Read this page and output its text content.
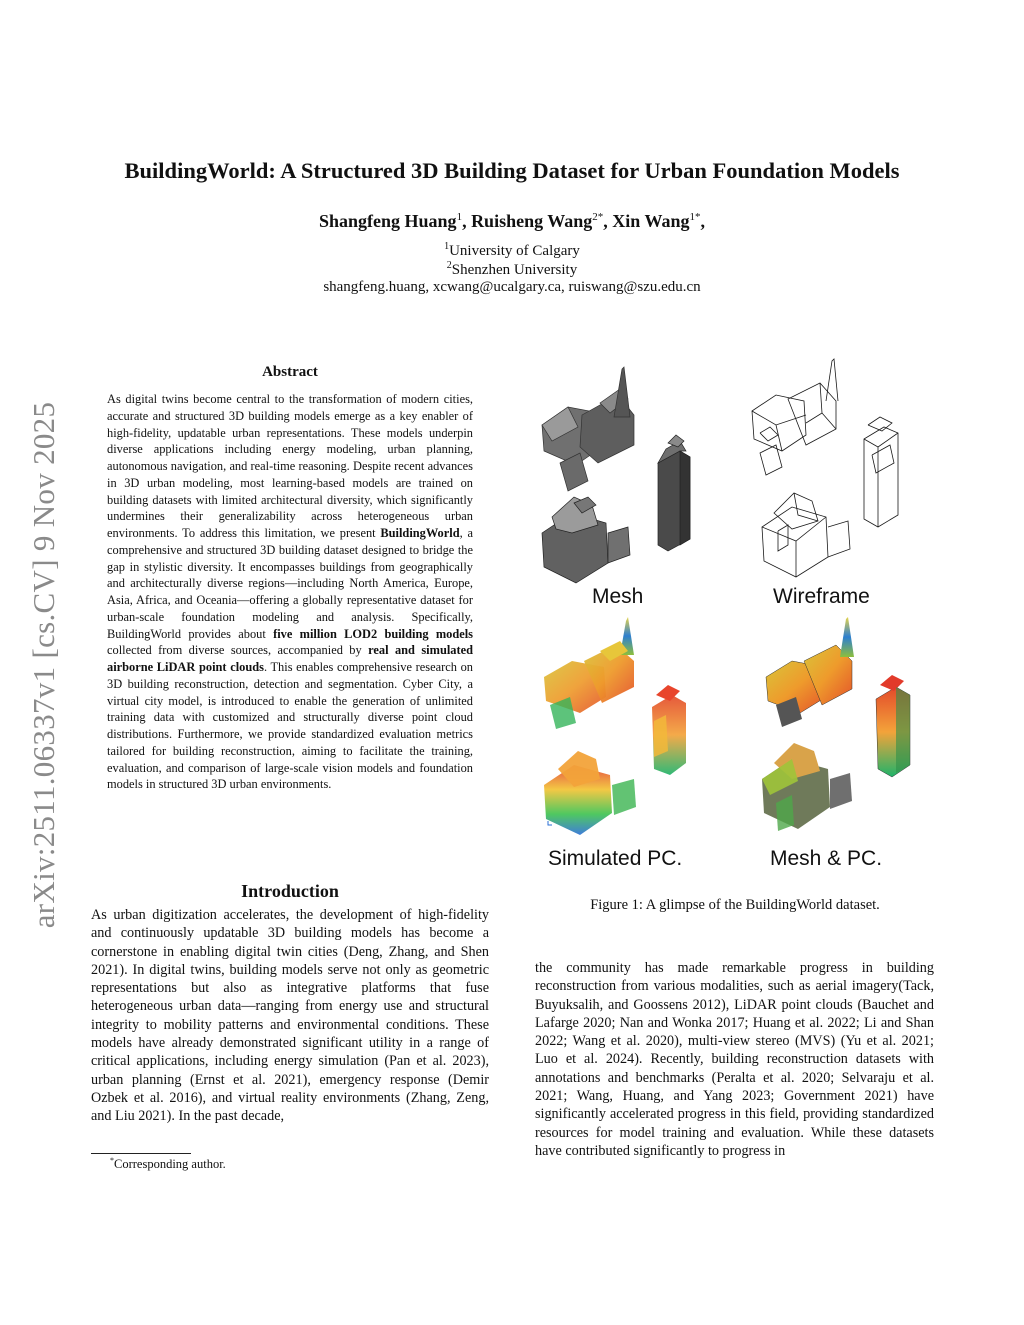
arXiv:2511.06337v1 [cs.CV] 9 Nov 2025
BuildingWorld: A Structured 3D Building Dataset for Urban Foundation Models
Shangfeng Huang$^1$, Ruisheng Wang$^{2*}$, Xin Wang$^{1*}$,
$^1$University of Calgary
$^2$Shenzhen University
shangfeng.huang, xcwang@ucalgary.ca, ruiswang@szu.edu.cn
Abstract
As digital twins become central to the transformation of modern cities, accurate and structured 3D building models emerge as a key enabler of high-fidelity, updatable urban representations. These models underpin diverse applications including energy modeling, urban planning, autonomous navigation, and real-time reasoning. Despite recent advances in 3D urban modeling, most learning-based models are trained on building datasets with limited architectural diversity, which significantly undermines their generalizability across heterogeneous urban environments. To address this limitation, we present BuildingWorld, a comprehensive and structured 3D building dataset designed to bridge the gap in stylistic diversity. It encompasses buildings from geographically and architecturally diverse regions—including North America, Europe, Asia, Africa, and Oceania—offering a globally representative dataset for urban-scale foundation modeling and analysis. Specifically, BuildingWorld provides about five million LOD2 building models collected from diverse sources, accompanied by real and simulated airborne LiDAR point clouds. This enables comprehensive research on 3D building reconstruction, detection and segmentation. Cyber City, a virtual city model, is introduced to enable the generation of unlimited training data with customized and structurally diverse point cloud distributions. Furthermore, we provide standardized evaluation metrics tailored for building reconstruction, aiming to facilitate the training, evaluation, and comparison of large-scale vision models and foundation models in structured 3D urban environments.
Introduction
As urban digitization accelerates, the development of high-fidelity and continuously updatable 3D building models has become a cornerstone in enabling digital twin cities (Deng, Zhang, and Shen 2021). In digital twins, building models serve not only as geometric representations but also as integrative platforms that fuse heterogeneous urban data—ranging from energy use and structural integrity to mobility patterns and environmental conditions. These models have already demonstrated significant utility in a range of critical applications, including energy simulation (Pan et al. 2023), urban planning (Ernst et al. 2021), emergency response (Demir Ozbek et al. 2016), and virtual reality environments (Zhang, Zeng, and Liu 2021). In the past decade,
*Corresponding author.
Mesh	Wireframe
Simulated PC.	Mesh & PC.
Figure 1: A glimpse of the BuildingWorld dataset.
the community has made remarkable progress in building reconstruction from various modalities, such as aerial imagery(Tack, Buyuksalih, and Goossens 2012), LiDAR point clouds (Bauchet and Lafarge 2020; Nan and Wonka 2017; Huang et al. 2022; Li and Shan 2022; Wang et al. 2020), multi-view stereo (MVS) (Yu et al. 2021; Luo et al. 2024). Recently, building reconstruction datasets with annotations and benchmarks (Peralta et al. 2020; Selvaraju et al. 2021; Wang, Huang, and Yang 2023; Government 2021) have significantly accelerated progress in this field, providing standardized resources for model training and evaluation. While these datasets have contributed significantly to progress in
